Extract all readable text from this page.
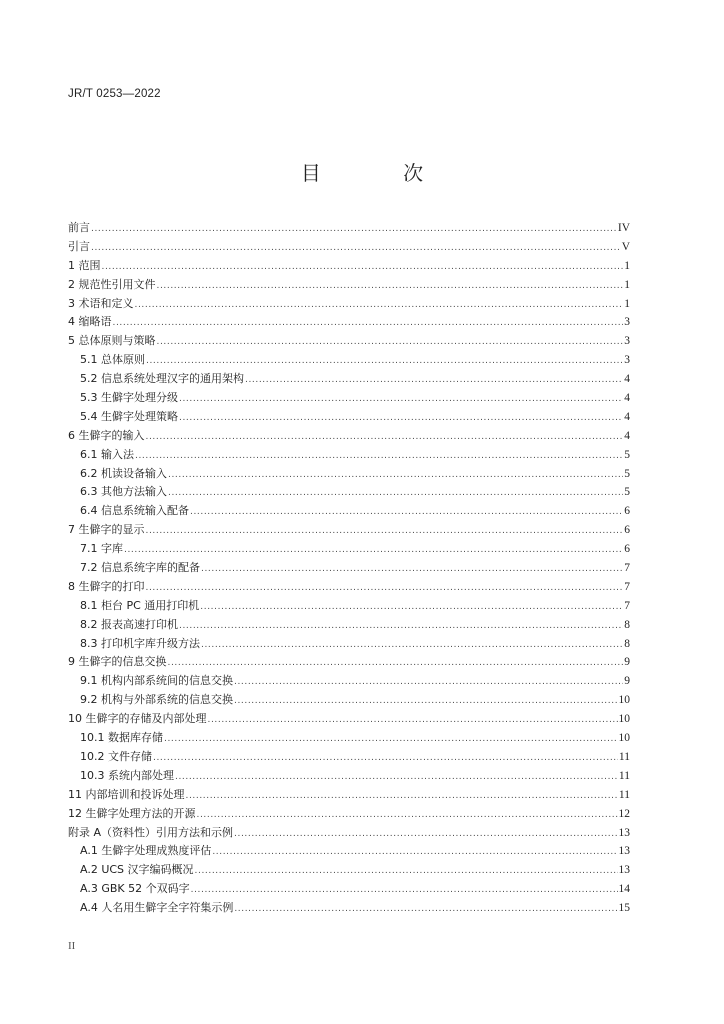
JR/T 0253—2022
目 次
前言 .....	IV
引言 .....	V
1 范围 .....	1
2 规范性引用文件 .....	1
3 术语和定义 .....	1
4 缩略语 .....	3
5 总体原则与策略 .....	3
5.1 总体原则 .....	3
5.2 信息系统处理汉字的通用架构 .....	4
5.3 生僻字处理分级 .....	4
5.4 生僻字处理策略 .....	4
6 生僻字的输入 .....	4
6.1 输入法 .....	5
6.2 机读设备输入 .....	5
6.3 其他方法输入 .....	5
6.4 信息系统输入配备 .....	6
7 生僻字的显示 .....	6
7.1 字库 .....	6
7.2 信息系统字库的配备 .....	7
8 生僻字的打印 .....	7
8.1 柜台 PC 通用打印机 .....	7
8.2 报表高速打印机 .....	8
8.3 打印机字库升级方法 .....	8
9 生僻字的信息交换 .....	9
9.1 机构内部系统间的信息交换 .....	9
9.2 机构与外部系统的信息交换 .....	10
10 生僻字的存储及内部处理 .....	10
10.1 数据库存储 .....	10
10.2 文件存储 .....	11
10.3 系统内部处理 .....	11
11 内部培训和投诉处理 .....	11
12 生僻字处理方法的开源 .....	12
附录 A（资料性）引用方法和示例 .....	13
A.1 生僻字处理成熟度评估 .....	13
A.2 UCS 汉字编码概况 .....	13
A.3 GBK 52 个双码字 .....	14
A.4 人名用生僻字全字符集示例 .....	15
II
